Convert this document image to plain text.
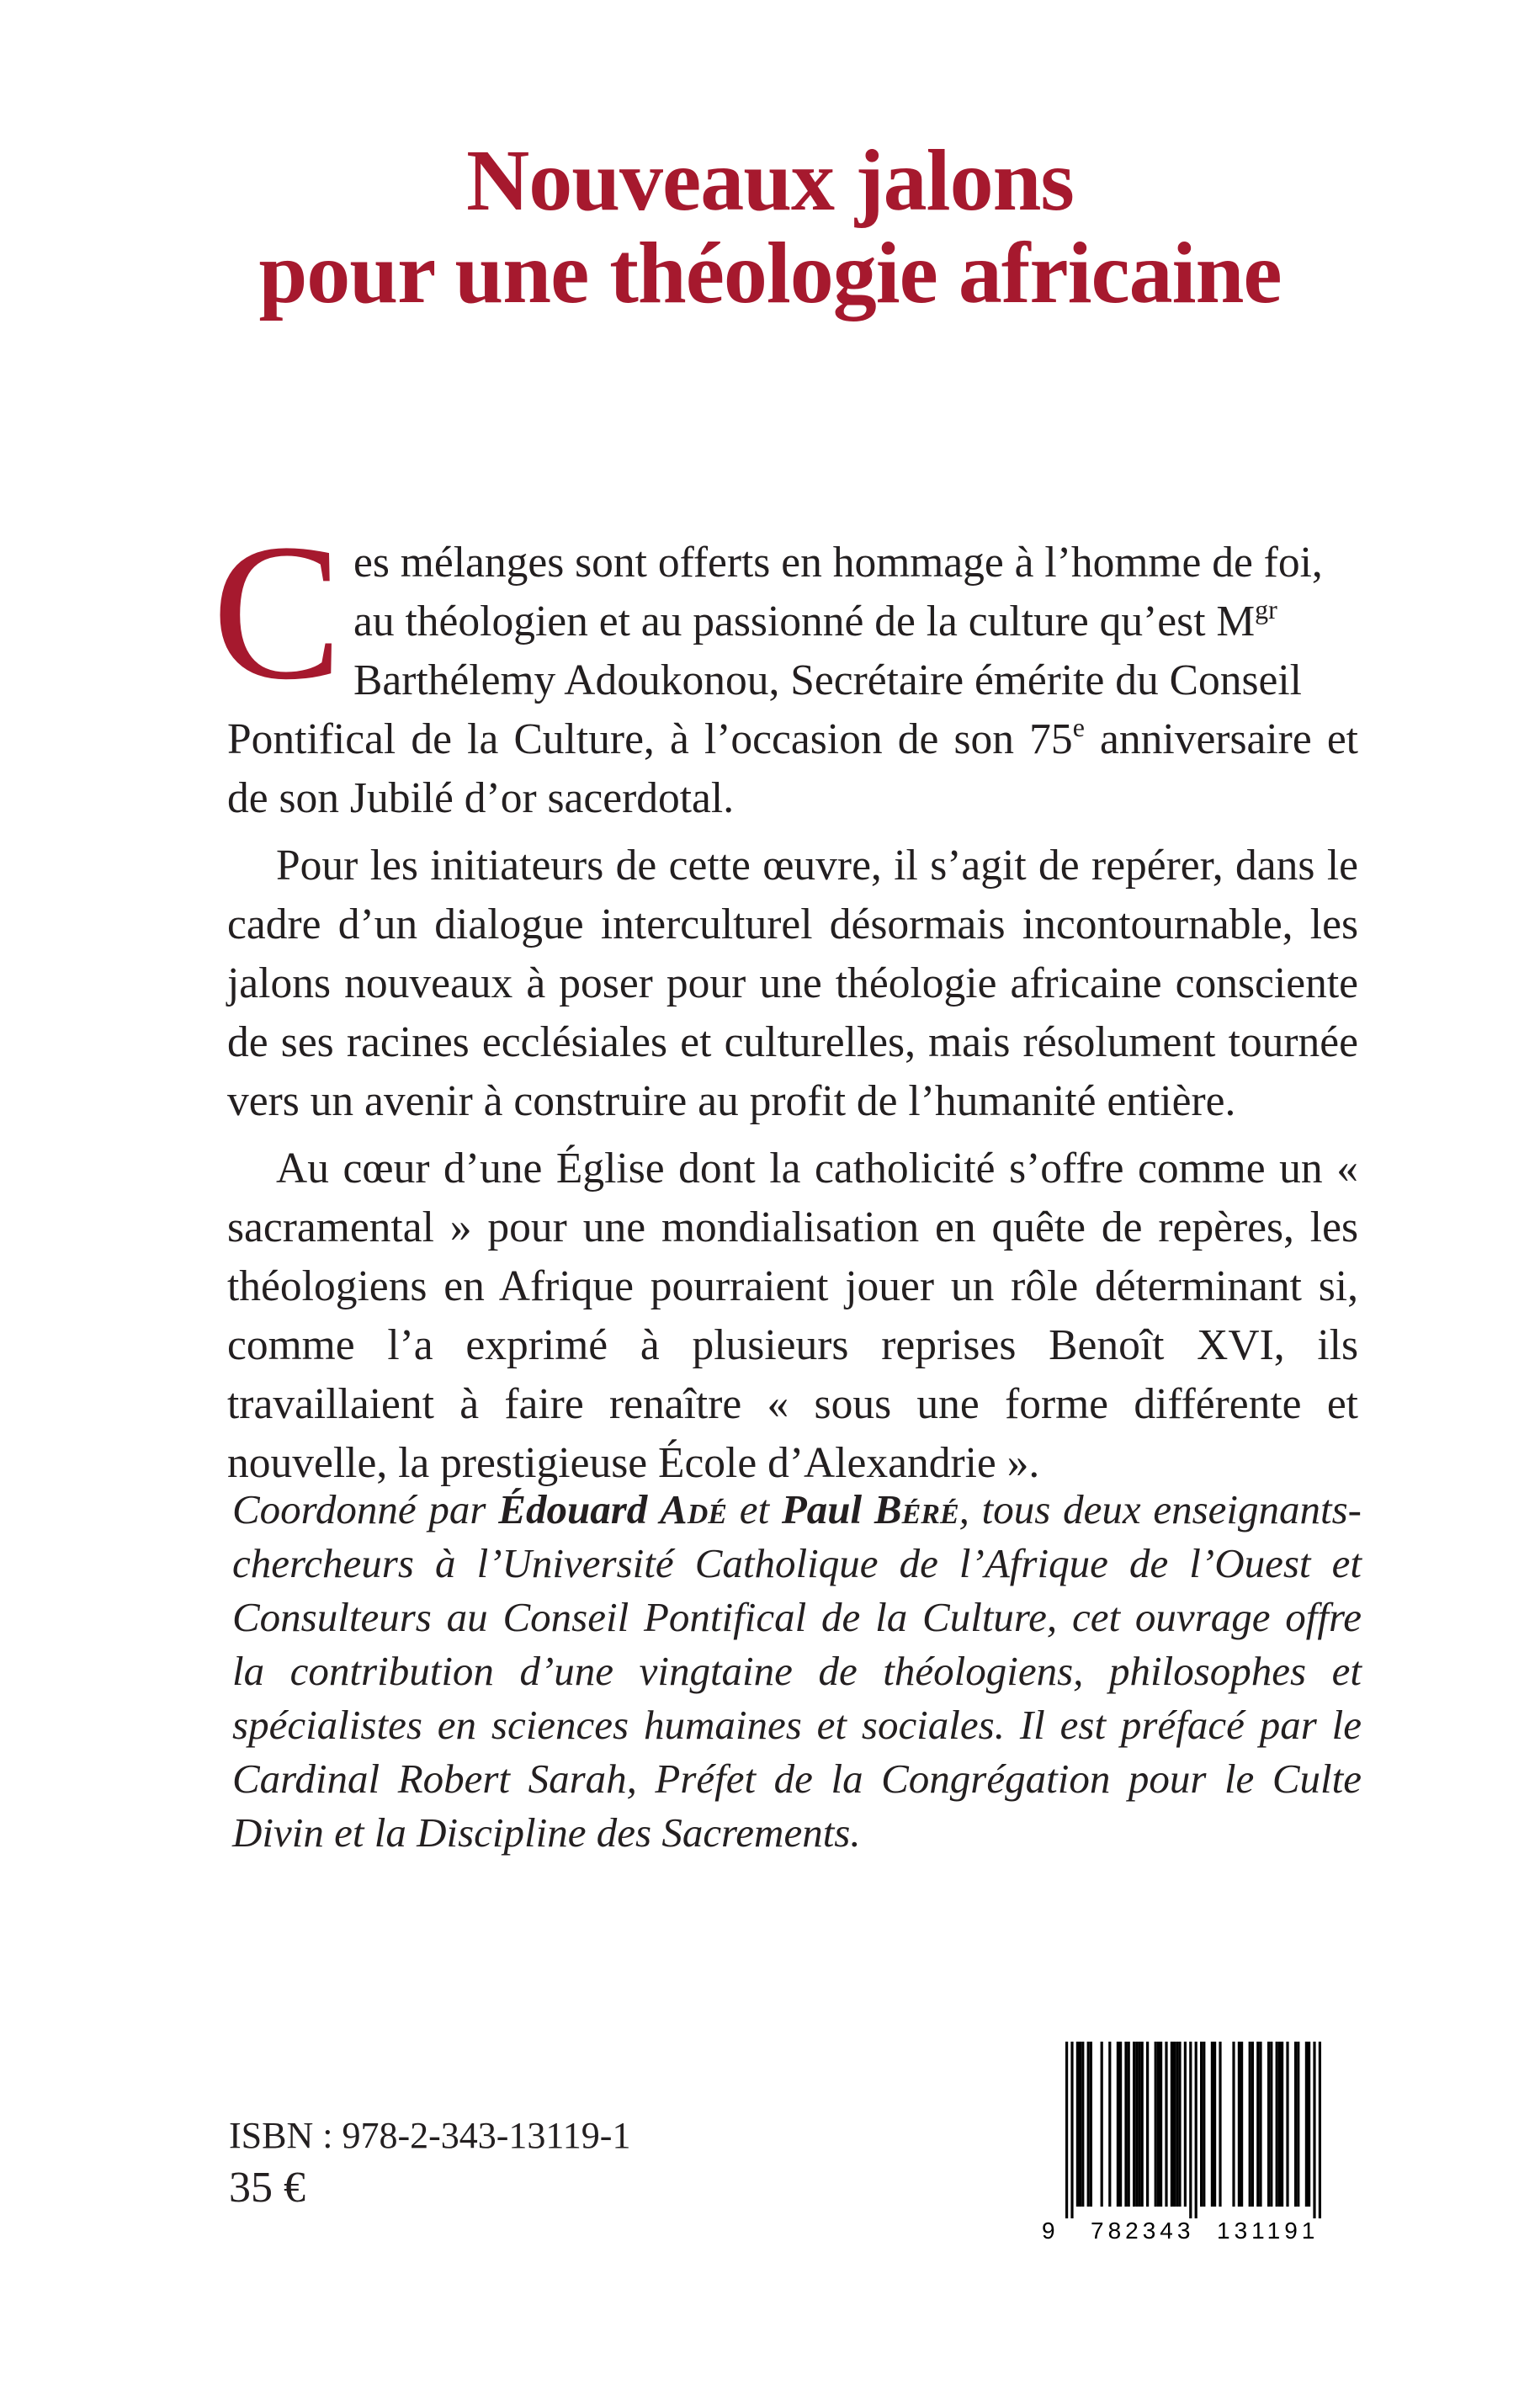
Nouveaux jalons
pour une théologie africaine
C es mélanges sont offerts en hommage à l’homme de foi,
au théologien et au passionné de la culture qu’est $M^{gr}$
Barthélemy Adoukonou, Secrétaire émérite du Conseil
Pontifical de la Culture, à l’occasion de son 75e anniversaire et de son Jubilé d’or sacerdotal.

Pour les initiateurs de cette œuvre, il s’agit de repérer, dans le cadre d’un dialogue interculturel désormais incontournable, les jalons nouveaux à poser pour une théologie africaine consciente de ses racines ecclésiales et culturelles, mais résolument tournée vers un avenir à construire au profit de l’humanité entière.

Au cœur d’une Église dont la catholicité s’offre comme un « sacramental » pour une mondialisation en quête de repères, les théologiens en Afrique pourraient jouer un rôle déterminant si, comme l’a exprimé à plusieurs reprises Benoît XVI, ils travaillaient à faire renaître « sous une forme différente et nouvelle, la prestigieuse École d’Alexandrie ».

Coordonné par Édouard Adé et Paul Béré, tous deux enseignants-chercheurs à l’Université Catholique de l’Afrique de l’Ouest et Consulteurs au Conseil Pontifical de la Culture, cet ouvrage offre la contribution d’une vingtaine de théologiens, philosophes et spécialistes en sciences humaines et sociales. Il est préfacé par le Cardinal Robert Sarah, Préfet de la Congrégation pour le Culte Divin et la Discipline des Sacrements.
ISBN : 978-2-343-13119-1
35 €
9 782343 131191
